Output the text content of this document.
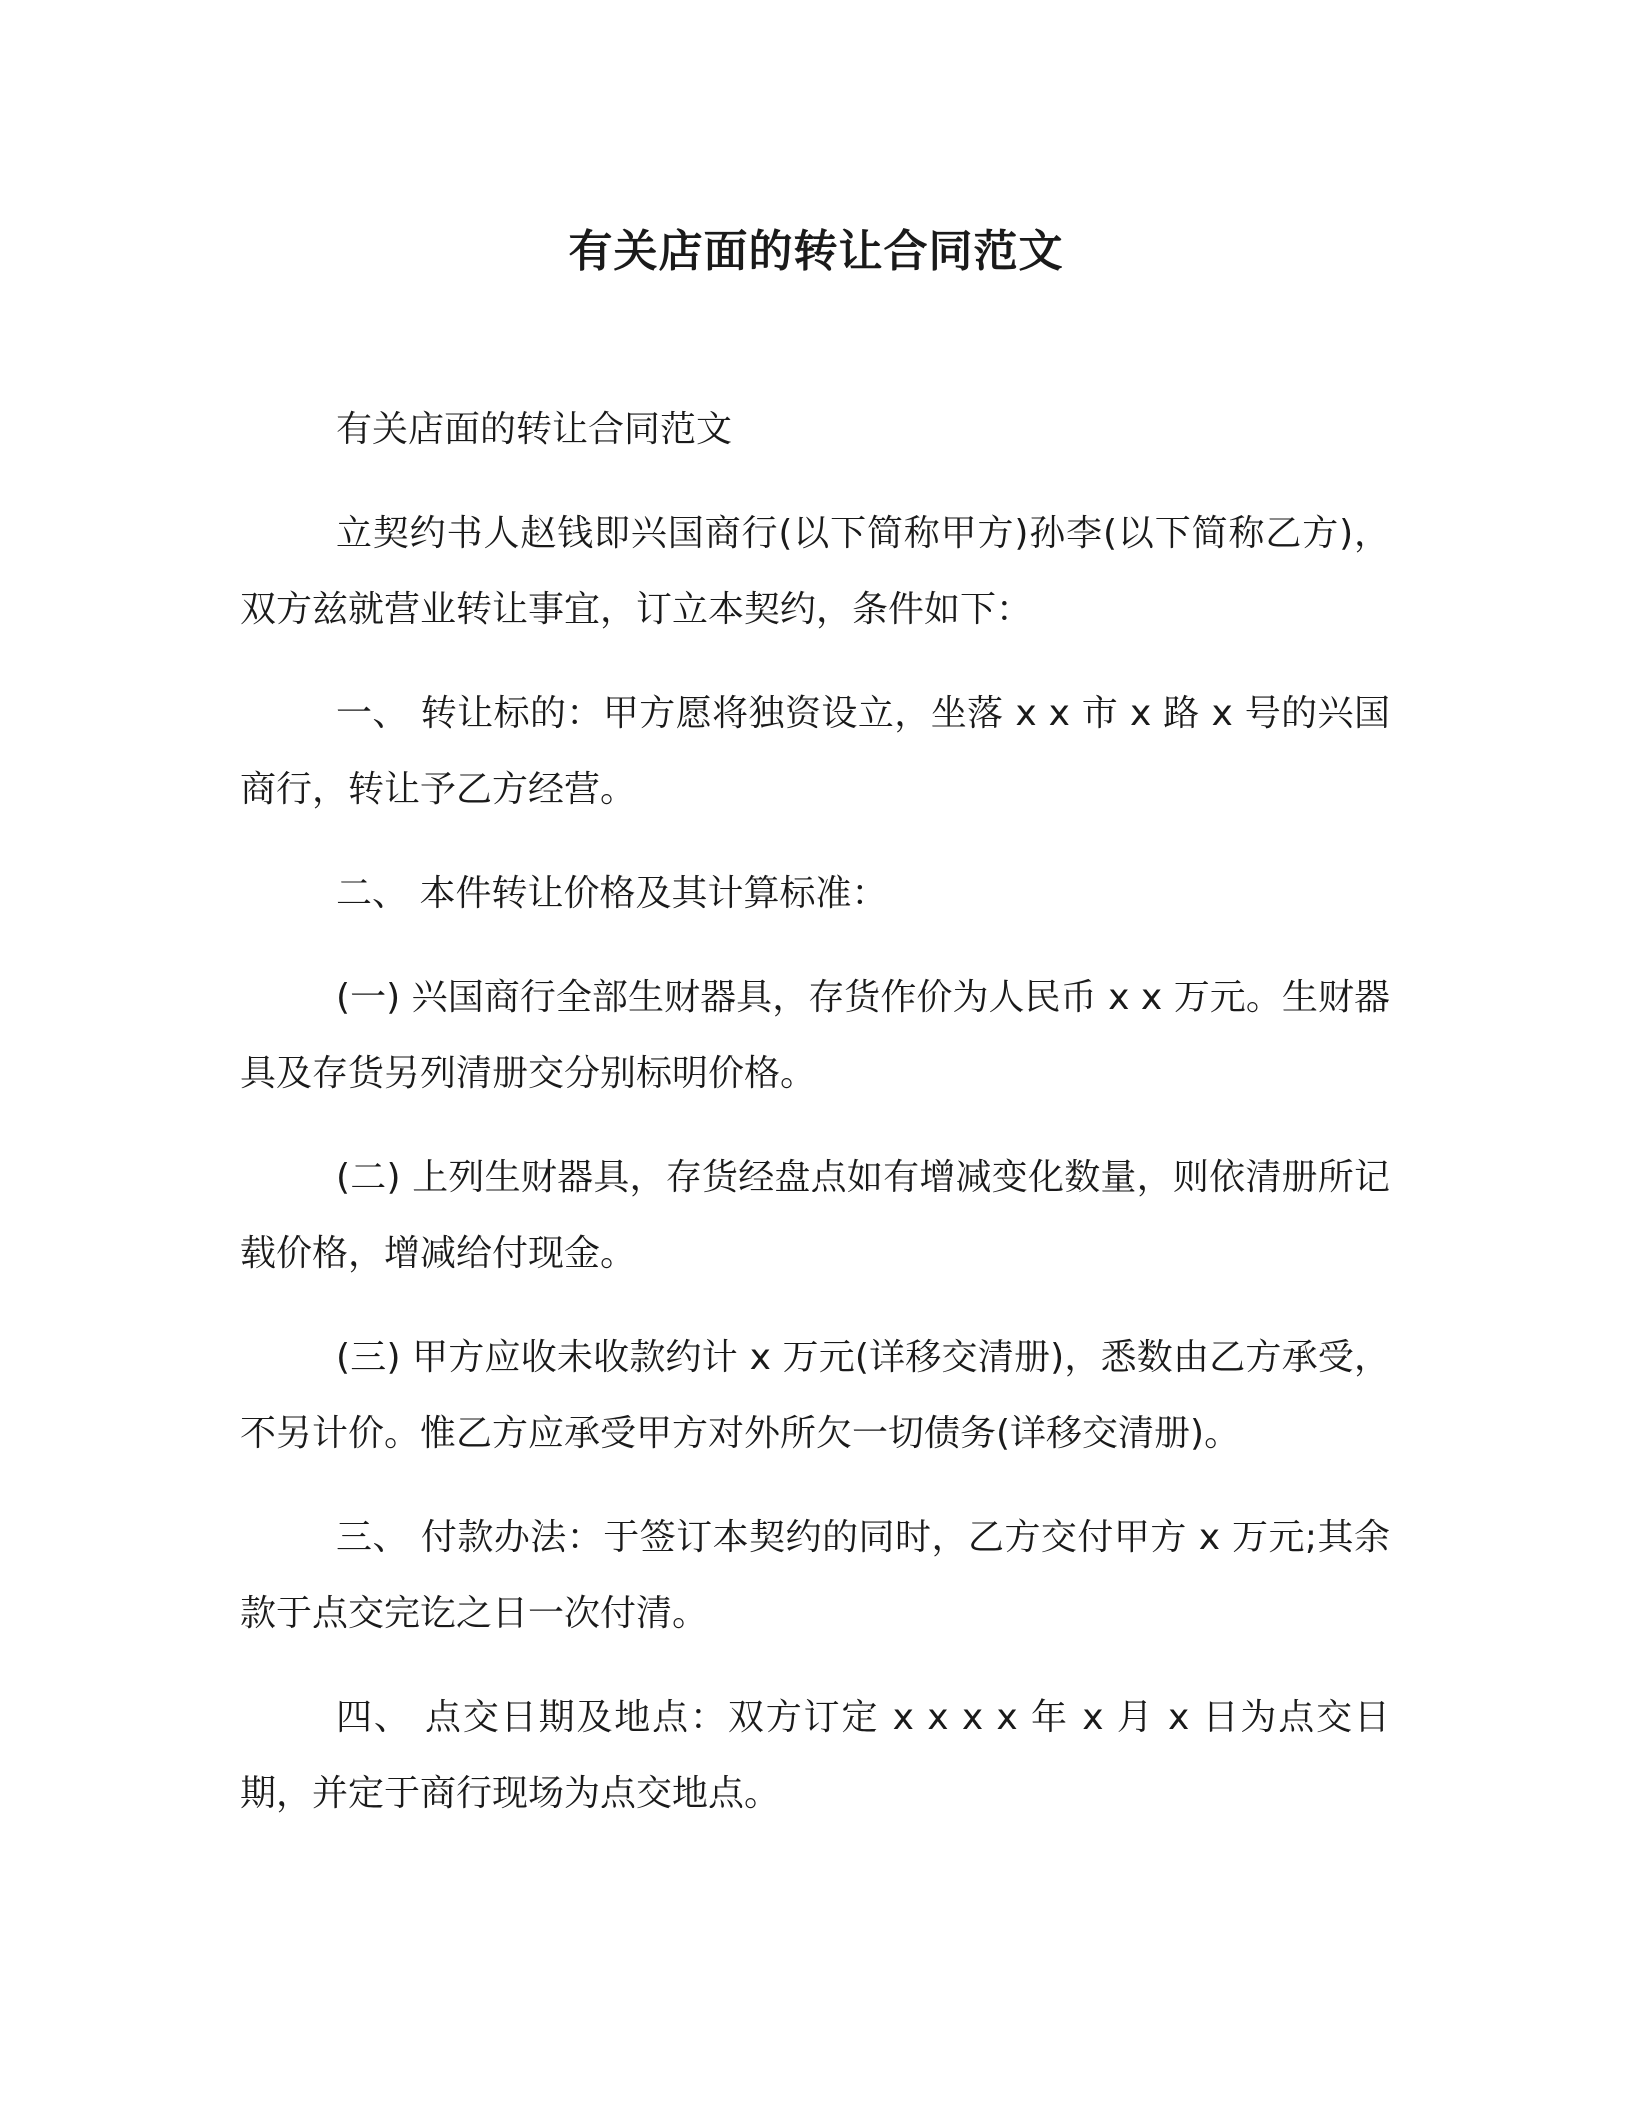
有关店面的转让合同范文

有关店面的转让合同范文

立契约书人赵钱即兴国商行(以下简称甲方)孙李(以下简称乙方)，双方兹就营业转让事宜，订立本契约，条件如下：

一、 转让标的：甲方愿将独资设立，坐落 x x 市 x 路 x 号的兴国商行，转让予乙方经营。

二、 本件转让价格及其计算标准：

(一) 兴国商行全部生财器具，存货作价为人民币 x x 万元。生财器具及存货另列清册交分别标明价格。

(二) 上列生财器具，存货经盘点如有增减变化数量，则依清册所记载价格，增减给付现金。

(三) 甲方应收未收款约计 x 万元(详移交清册)，悉数由乙方承受，不另计价。惟乙方应承受甲方对外所欠一切债务(详移交清册)。

三、 付款办法：于签订本契约的同时，乙方交付甲方 x 万元;其余款于点交完讫之日一次付清。

四、 点交日期及地点：双方订定 x x x x 年 x 月 x 日为点交日期，并定于商行现场为点交地点。
